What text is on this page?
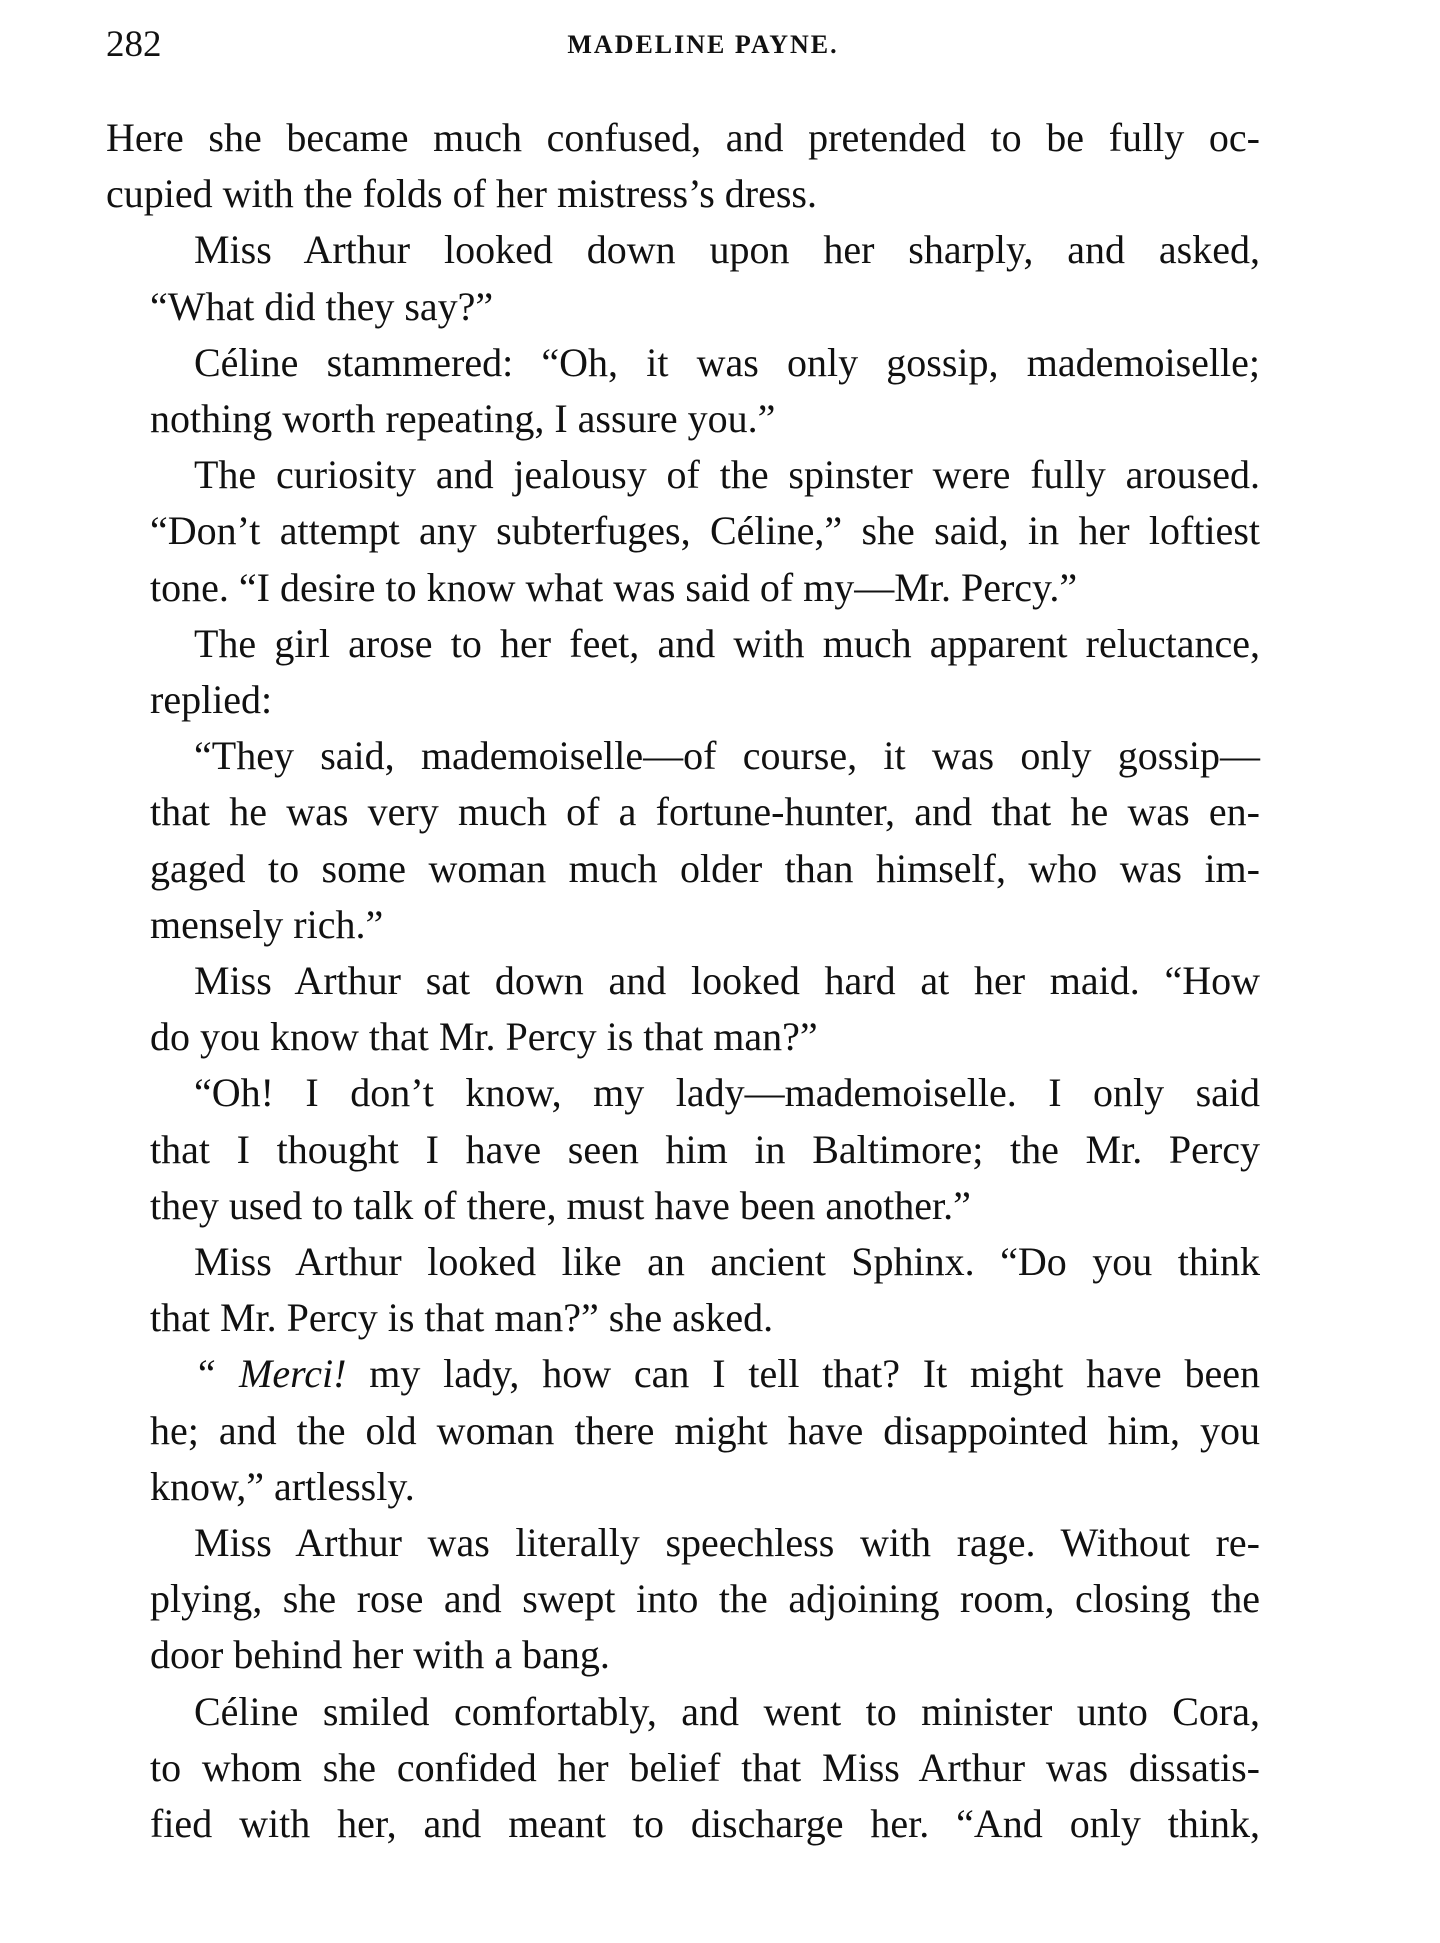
282	MADELINE PAYNE.

Here she became much confused, and pretended to be fully oc-
cupied with the folds of her mistress’s dress.

Miss Arthur looked down upon her sharply, and asked,
“What did they say?”

Céline stammered: “Oh, it was only gossip, mademoiselle;
nothing worth repeating, I assure you.”

The curiosity and jealousy of the spinster were fully aroused.
“Don’t attempt any subterfuges, Céline,” she said, in her loftiest
tone. “I desire to know what was said of my—Mr. Percy.”

The girl arose to her feet, and with much apparent reluctance,
replied:

“They said, mademoiselle—of course, it was only gossip—
that he was very much of a fortune-hunter, and that he was en-
gaged to some woman much older than himself, who was im-
mensely rich.”

Miss Arthur sat down and looked hard at her maid. “How
do you know that Mr. Percy is that man?”

“Oh! I don’t know, my lady—mademoiselle. I only said
that I thought I have seen him in Baltimore; the Mr. Percy
they used to talk of there, must have been another.”

Miss Arthur looked like an ancient Sphinx. “Do you think
that Mr. Percy is that man?” she asked.

“ Merci! my lady, how can I tell that? It might have been
he; and the old woman there might have disappointed him, you
know,” artlessly.

Miss Arthur was literally speechless with rage. Without re-
plying, she rose and swept into the adjoining room, closing the
door behind her with a bang.

Céline smiled comfortably, and went to minister unto Cora,
to whom she confided her belief that Miss Arthur was dissatis-
fied with her, and meant to discharge her. “And only think,
